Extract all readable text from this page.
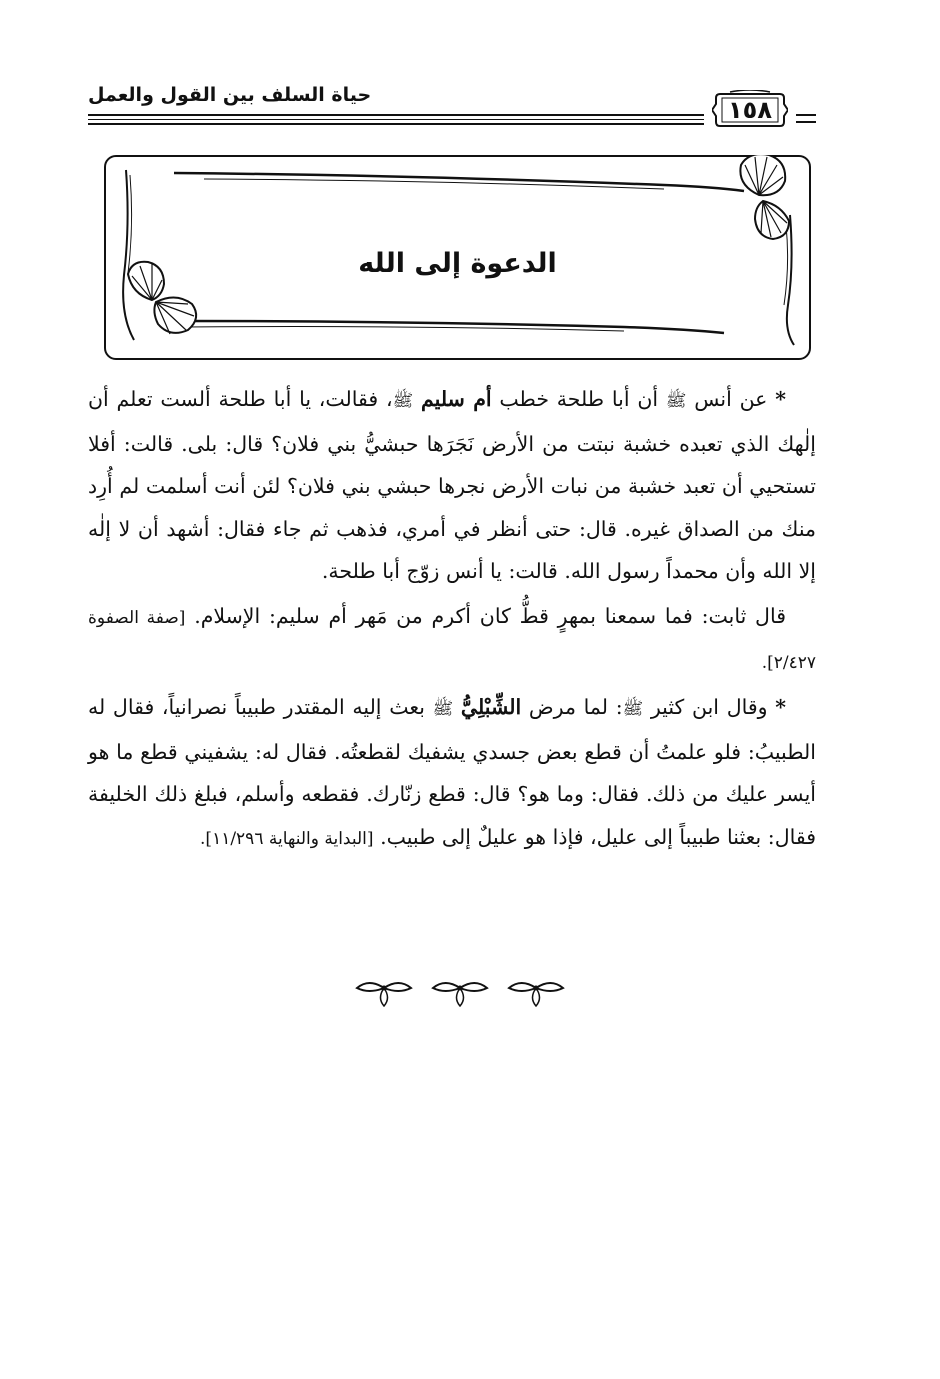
حياة السلف بين القول والعمل
١٥٨
الدعوة إلى الله

* عن أنس ﷺ أن أبا طلحة خطب أم سليم ﷺ، فقالت، يا أبا طلحة ألست تعلم أن إلٰهك الذي تعبده خشبة نبتت من الأرض نَجَرَها حبشيُّ بني فلان؟ قال: بلى. قالت: أفلا تستحيي أن تعبد خشبة من نبات الأرض نجرها حبشي بني فلان؟ لئن أنت أسلمت لم أُرِد منك من الصداق غيره. قال: حتى أنظر في أمري، فذهب ثم جاء فقال: أشهد أن لا إلٰه إلا الله وأن محمداً رسول الله. قالت: يا أنس زوّج أبا طلحة.

قال ثابت: فما سمعنا بمهرٍ قطُّ كان أكرم من مَهر أم سليم: الإسلام. [صفة الصفوة ٢/٤٢٧].

* وقال ابن كثير ﷺ: لما مرض الشِّبْلِيُّ ﷺ بعث إليه المقتدر طبيباً نصرانياً، فقال له الطبيبُ: فلو علمتُ أن قطع بعض جسدي يشفيك لقطعتُه. فقال له: يشفيني قطع ما هو أيسر عليك من ذلك. فقال: وما هو؟ قال: قطع زنّارك. فقطعه وأسلم، فبلغ ذلك الخليفة فقال: بعثنا طبيباً إلى عليل، فإذا هو عليلٌ إلى طبيب. [البداية والنهاية ١١/٢٩٦].
